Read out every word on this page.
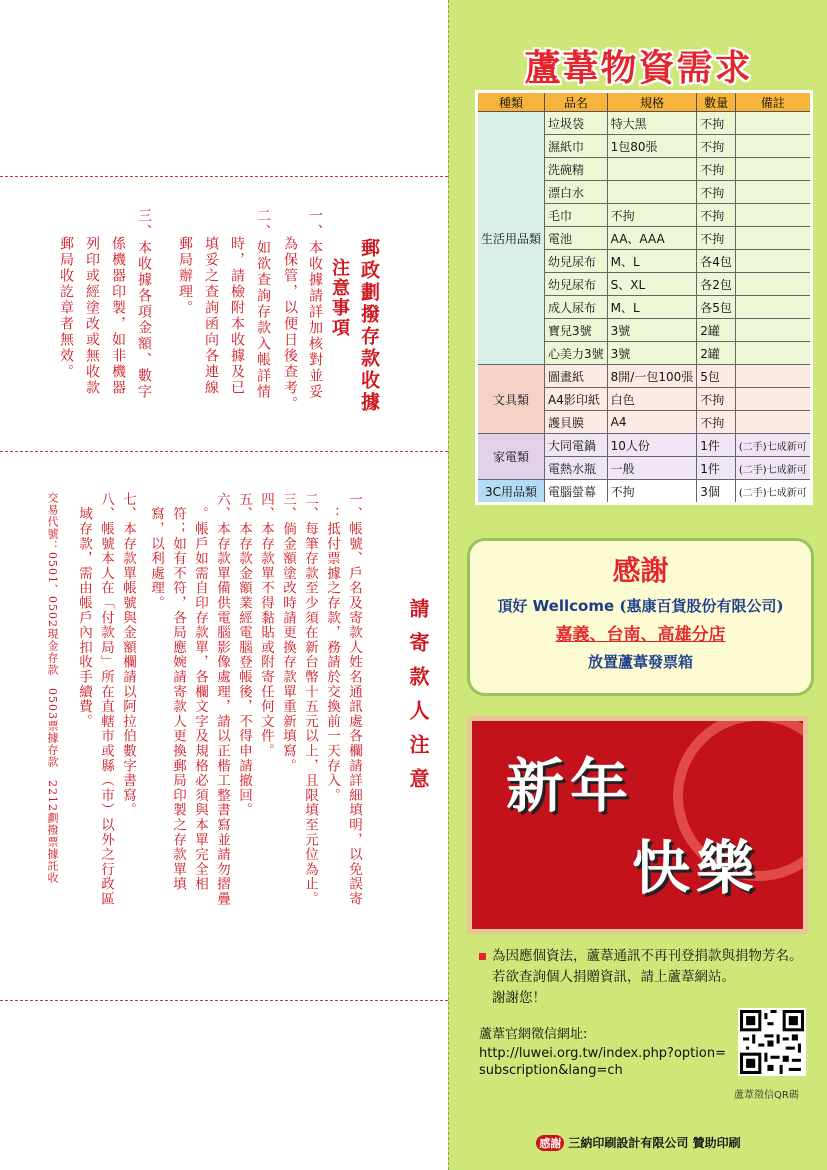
郵政劃撥存款收據
注意事項
一、本收據請詳加核對並妥
為保管，以便日後查考。
二、如欲查詢存款入帳詳情
時，請檢附本收據及已
填妥之查詢函向各連線
郵局辦理。
三、本收據各項金額、數字
係機器印製，如非機器
列印或經塗改或無收款
郵局收訖章者無效。
請寄款人注意
一、帳號、戶名及寄款人姓名通訊處各欄請詳細填明，以免誤寄
　：抵付票據之存款，務請於交換前一天存入。
二、每筆存款至少須在新台幣十五元以上，且限填至元位為止。
三、倘金額塗改時請更換存款單重新填寫。
四、本存款單不得黏貼或附寄任何文件。
五、本存款金額業經電腦登帳後，不得申請撤回。
六、本存款單備供電腦影像處理，請以正楷工整書寫並請勿摺疊
　。帳戶如需自印存款單，各欄文字及規格必須與本單完全相
　符；如有不符，各局應婉請寄款人更換郵局印製之存款單填
　寫，以利處理。
七、本存款單帳號與金額欄請以阿拉伯數字書寫。
八、帳號本人在「付款局」所在直轄市或縣（市）以外之行政區
　域存款，需由帳戶內扣收手續費。
交易代號：0501、0502現金存款　0503票據存款　2212劃撥票據託收
蘆葦物資需求
種類	品名	規格	數量	備註
生活用品類	垃圾袋	特大黑	不拘	
	濕紙巾	1包80張	不拘	
	洗碗精		不拘	
	漂白水		不拘	
	毛巾	不拘	不拘	
	電池	AA、AAA	不拘	
	幼兒尿布	M、L	各4包	
	幼兒尿布	S、XL	各2包	
	成人尿布	M、L	各5包	
	寶兒3號	3號	2罐	
	心美力3號	3號	2罐	
文具類	圖畫紙	8開/一包100張	5包	
	A4影印紙	白色	不拘	
	護貝膜	A4	不拘	
家電類	大同電鍋	10人份	1件	(二手)七成新可
	電熱水瓶	一般	1件	(二手)七成新可
3C用品類	電腦螢幕	不拘	3個	(二手)七成新可
感謝
頂好 Wellcome (惠康百貨股份有限公司)
嘉義、台南、高雄分店
放置蘆葦發票箱
新年
快樂
為因應個資法，蘆葦通訊不再刊登捐款與捐物芳名。
若欲查詢個人捐贈資訊，請上蘆葦網站。
謝謝您！
蘆葦官網徵信網址:
http://luwei.org.tw/index.php?option=
subscription&lang=ch
蘆葦徵信QR碼
感謝 三納印刷設計有限公司 贊助印刷
